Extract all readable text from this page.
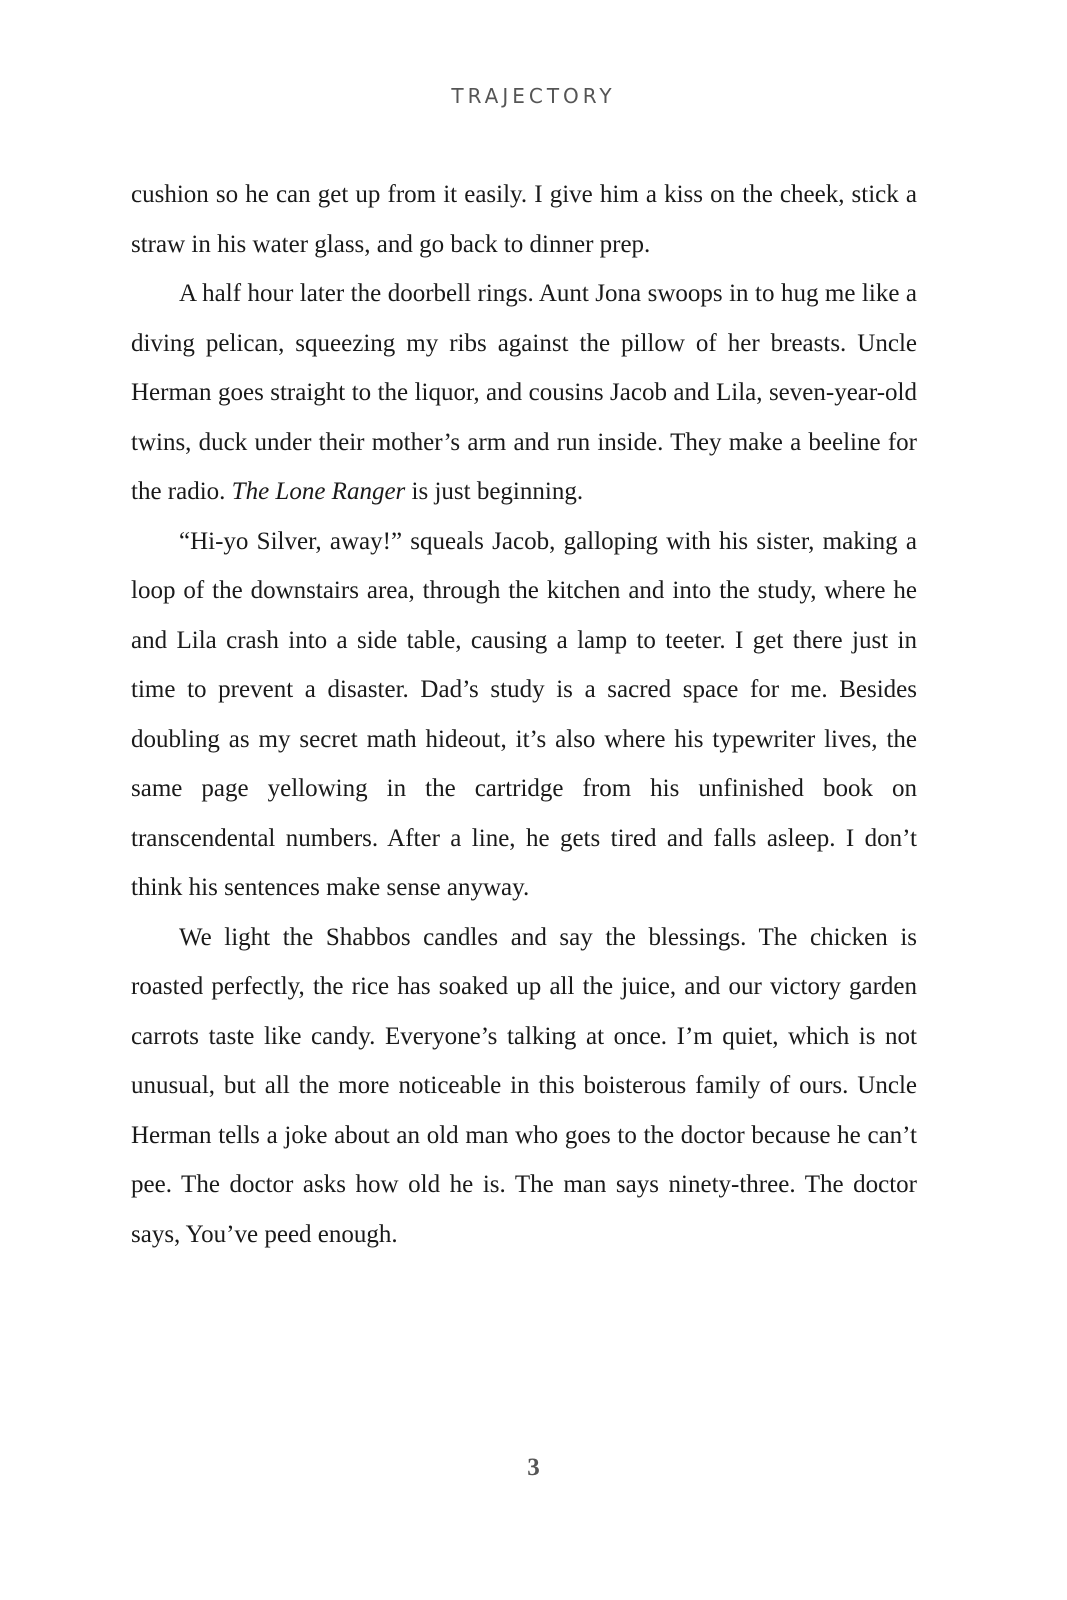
TRAJECTORY

cushion so he can get up from it easily. I give him a kiss on the cheek, stick a straw in his water glass, and go back to dinner prep.

A half hour later the doorbell rings. Aunt Jona swoops in to hug me like a diving pelican, squeezing my ribs against the pillow of her breasts. Uncle Herman goes straight to the liquor, and cousins Jacob and Lila, seven-year-old twins, duck under their mother’s arm and run inside. They make a beeline for the radio. The Lone Ranger is just beginning.

“Hi-yo Silver, away!” squeals Jacob, galloping with his sister, making a loop of the downstairs area, through the kitchen and into the study, where he and Lila crash into a side table, causing a lamp to teeter. I get there just in time to prevent a disaster. Dad’s study is a sacred space for me. Besides doubling as my secret math hideout, it’s also where his typewriter lives, the same page yellowing in the cartridge from his unfinished book on transcendental numbers. After a line, he gets tired and falls asleep. I don’t think his sentences make sense anyway.

We light the Shabbos candles and say the blessings. The chicken is roasted perfectly, the rice has soaked up all the juice, and our victory garden carrots taste like candy. Everyone’s talking at once. I’m quiet, which is not unusual, but all the more noticeable in this boisterous family of ours. Uncle Herman tells a joke about an old man who goes to the doctor because he can’t pee. The doctor asks how old he is. The man says ninety-three. The doctor says, You’ve peed enough.

3
